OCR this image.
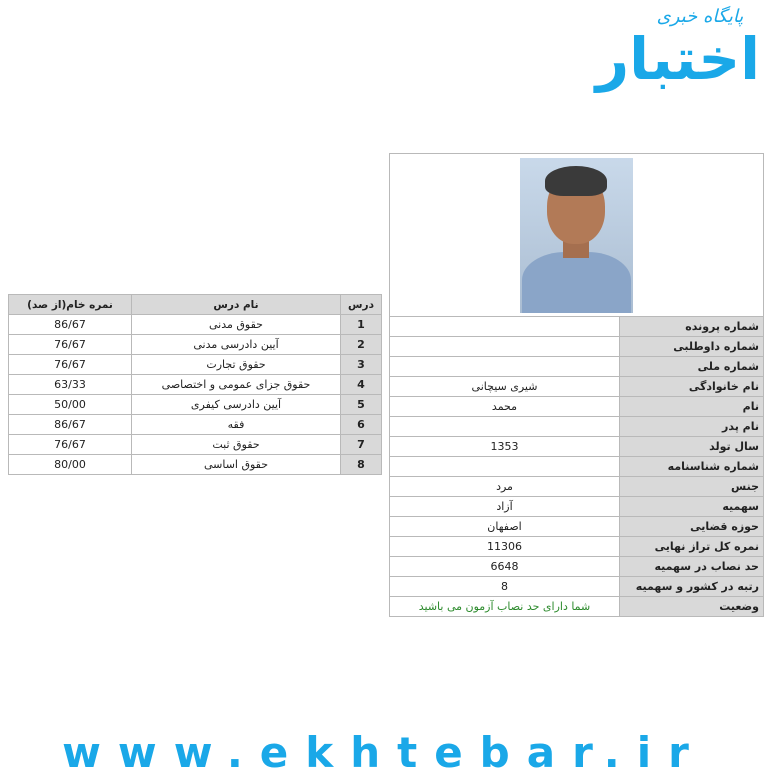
پایگاه خبری
اختبار
درس	نام درس	نمره خام(از صد)
1	حقوق مدنی	86/67
2	آیین دادرسی مدنی	76/67
3	حقوق تجارت	76/67
4	حقوق جزای عمومی و اختصاصی	63/33
5	آیین دادرسی کیفری	50/00
6	فقه	86/67
7	حقوق ثبت	76/67
8	حقوق اساسی	80/00
شماره پرونده	
شماره داوطلبی	
شماره ملی	
نام خانوادگی	شیری سیچانی
نام	محمد
نام پدر	
سال تولد	1353
شماره شناسنامه	
جنس	مرد
سهمیه	آزاد
حوزه قضایی	اصفهان
نمره کل تراز نهایی	11306
حد نصاب در سهمیه	6648
رتبه در کشور و سهمیه	8
وضعیت	شما دارای حد نصاب آزمون می باشید
www.ekhtebar.ir
